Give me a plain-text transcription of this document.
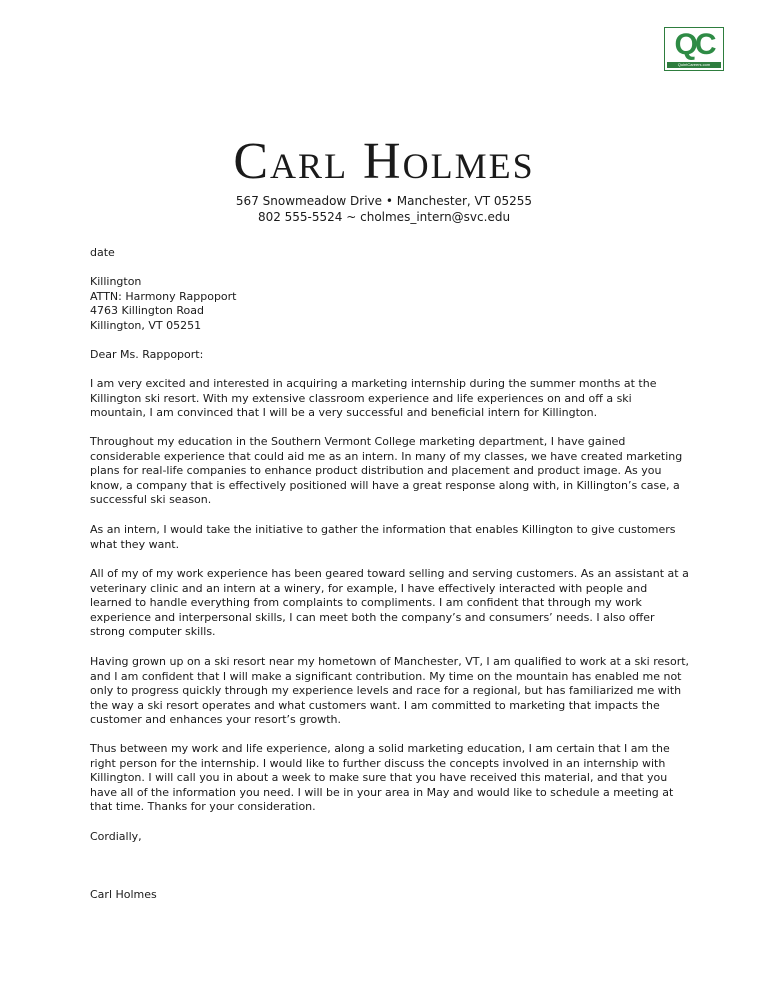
QC
QuintCareers.com
Carl Holmes
567 Snowmeadow Drive • Manchester, VT 05255
802 555-5524 ~ cholmes_intern@svc.edu
date

Killington

ATTN: Harmony Rappoport

4763 Killington Road

Killington, VT 05251

Dear Ms. Rappoport:
I am very excited and interested in acquiring a marketing internship during the summer months at the Killington ski resort. With my extensive classroom experience and life experiences on and off a ski mountain, I am convinced that I will be a very successful and beneficial intern for Killington.
Throughout my education in the Southern Vermont College marketing department, I have gained considerable experience that could aid me as an intern. In many of my classes, we have created marketing plans for real-life companies to enhance product distribution and placement and product image. As you know, a company that is effectively positioned will have a great response along with, in Killington’s case, a successful ski season.
As an intern, I would take the initiative to gather the information that enables Killington to give customers what they want.
All of my of my work experience has been geared toward selling and serving customers. As an assistant at a veterinary clinic and an intern at a winery, for example, I have effectively interacted with people and learned to handle everything from complaints to compliments. I am confident that through my work experience and interpersonal skills, I can meet both the company’s and consumers’ needs. I also offer strong computer skills.
Having grown up on a ski resort near my hometown of Manchester, VT, I am qualified to work at a ski resort, and I am confident that I will make a significant contribution. My time on the mountain has enabled me not only to progress quickly through my experience levels and race for a regional, but has familiarized me with the way a ski resort operates and what customers want. I am committed to marketing that impacts the customer and enhances your resort’s growth.
Thus between my work and life experience, along a solid marketing education, I am certain that I am the right person for the internship. I would like to further discuss the concepts involved in an internship with Killington. I will call you in about a week to make sure that you have received this material, and that you have all of the information you need. I will be in your area in May and would like to schedule a meeting at that time. Thanks for your consideration.
Cordially,
Carl Holmes
